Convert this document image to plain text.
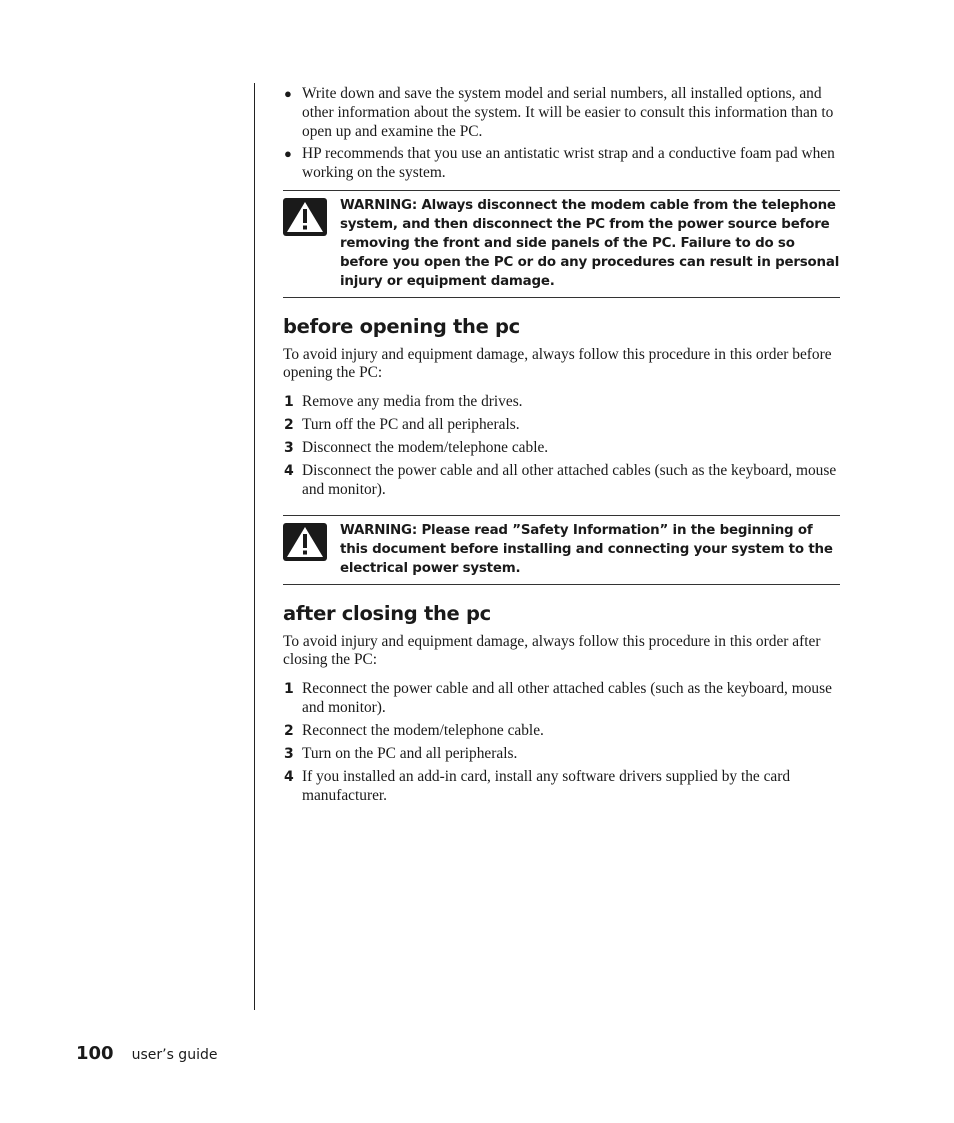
● Write down and save the system model and serial numbers, all installed options, and other information about the system. It will be easier to consult this information than to open up and examine the PC.
● HP recommends that you use an antistatic wrist strap and a conductive foam pad when working on the system.
WARNING: Always disconnect the modem cable from the telephone system, and then disconnect the PC from the power source before removing the front and side panels of the PC. Failure to do so before you open the PC or do any procedures can result in personal injury or equipment damage.
before opening the pc

To avoid injury and equipment damage, always follow this procedure in this order before opening the PC:

1 Remove any media from the drives.
2 Turn off the PC and all peripherals.
3 Disconnect the modem/telephone cable.
4 Disconnect the power cable and all other attached cables (such as the keyboard, mouse and monitor).
WARNING: Please read ”Safety Information” in the beginning of this document before installing and connecting your system to the electrical power system.
after closing the pc

To avoid injury and equipment damage, always follow this procedure in this order after closing the PC:

1 Reconnect the power cable and all other attached cables (such as the keyboard, mouse and monitor).
2 Reconnect the modem/telephone cable.
3 Turn on the PC and all peripherals.
4 If you installed an add-in card, install any software drivers supplied by the card manufacturer.
100 user’s guide
